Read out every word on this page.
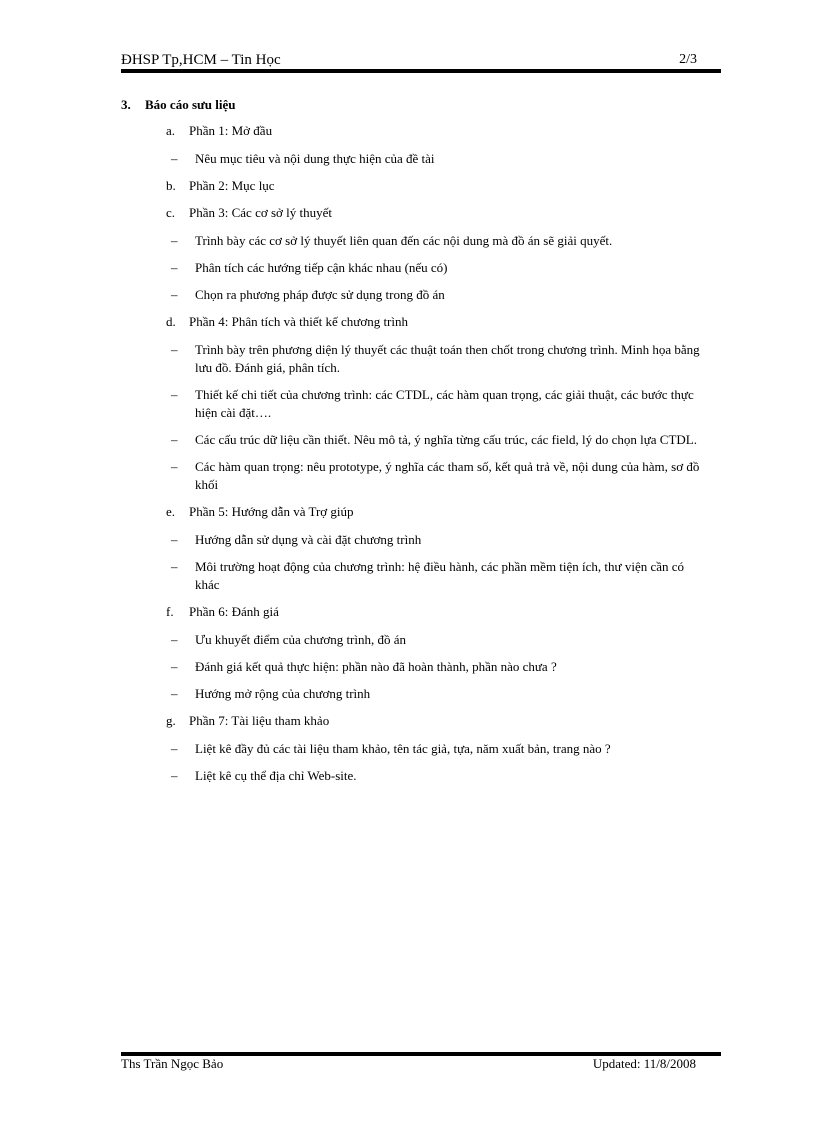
ĐHSP Tp,HCM – Tin Học	2/3
3. Báo cáo sưu liệu
a. Phần 1: Mở đầu
– Nêu mục tiêu và nội dung thực hiện của đề tài
b. Phần 2: Mục lục
c. Phần 3: Các cơ sở lý thuyết
– Trình bày các cơ sở lý thuyết liên quan đến các nội dung mà đồ án sẽ giải quyết.
– Phân tích các hướng tiếp cận khác nhau (nếu có)
– Chọn ra phương pháp được sử dụng trong đồ án
d. Phần 4: Phân tích và thiết kế chương trình
– Trình bày trên phương diện lý thuyết các thuật toán then chốt trong chương trình. Minh họa bằng lưu đồ. Đánh giá, phân tích.
– Thiết kế chi tiết của chương trình: các CTDL, các hàm quan trọng, các giải thuật, các bước thực hiện cài đặt….
– Các cấu trúc dữ liệu cần thiết. Nêu mô tả, ý nghĩa từng cấu trúc, các field, lý do chọn lựa CTDL.
– Các hàm quan trọng: nêu prototype, ý nghĩa các tham số, kết quả trả về, nội dung của hàm, sơ đồ khối
e. Phần 5: Hướng dẫn và Trợ giúp
– Hướng dẫn sử dụng và cài đặt chương trình
– Môi trường hoạt động của chương trình: hệ điều hành, các phần mềm tiện ích, thư viện cần có khác
f. Phần 6: Đánh giá
– Ưu khuyết điểm của chương trình, đồ án
– Đánh giá kết quả thực hiện: phần nào đã hoàn thành, phần nào chưa ?
– Hướng mở rộng của chương trình
g. Phần 7: Tài liệu tham khảo
– Liệt kê đầy đủ các tài liệu tham khảo, tên tác giả, tựa, năm xuất bản, trang nào ?
– Liệt kê cụ thể địa chỉ Web-site.
Ths Trần Ngọc Bảo	Updated: 11/8/2008
